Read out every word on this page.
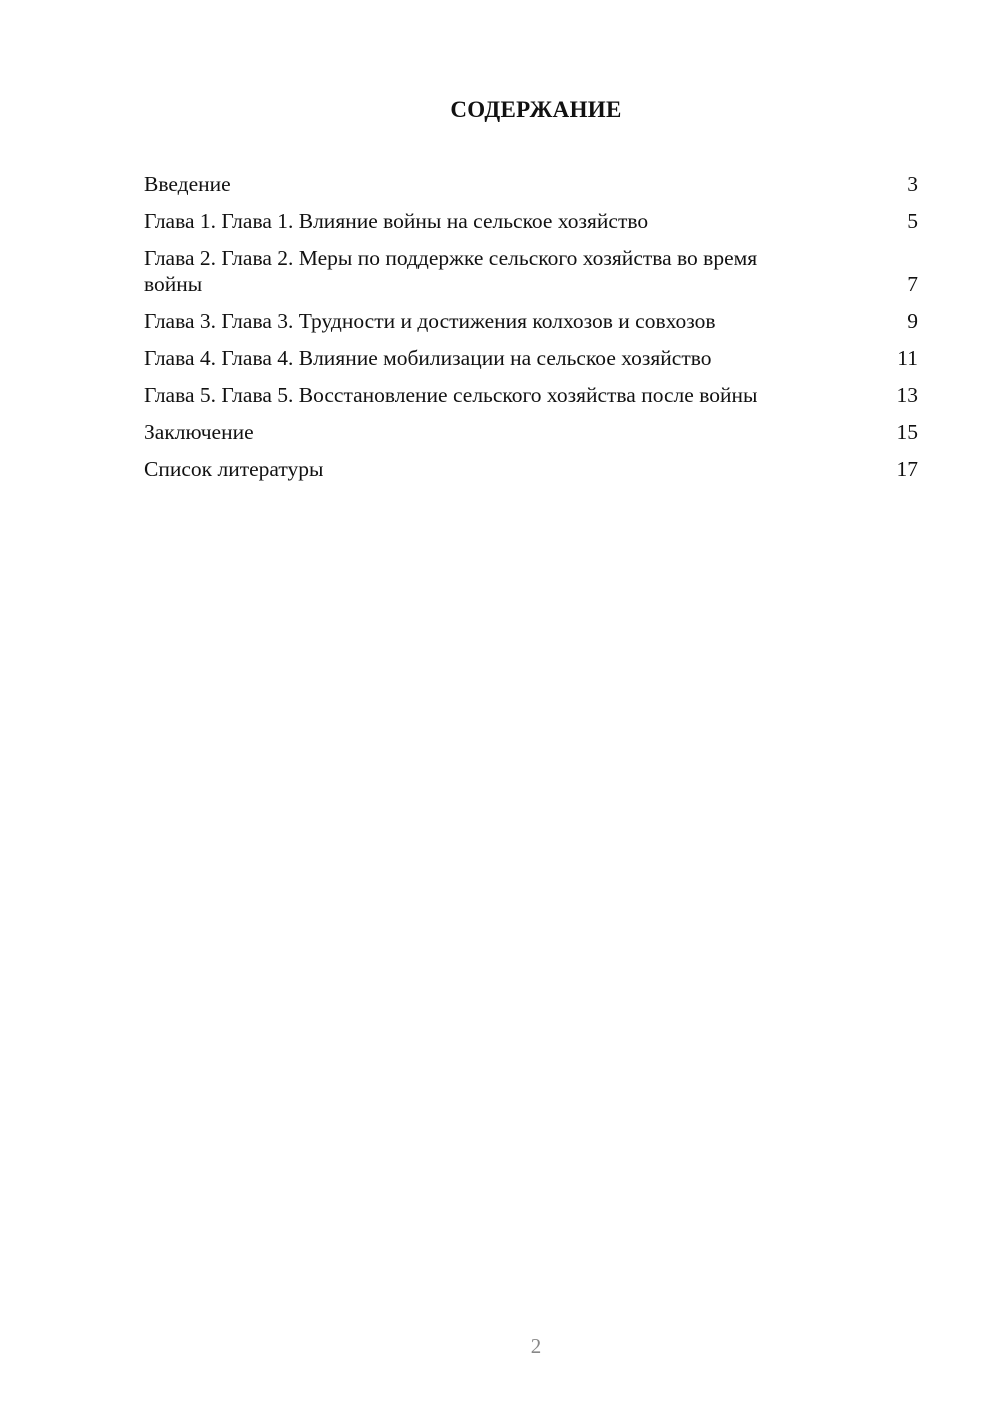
СОДЕРЖАНИЕ
Введение	3
Глава 1. Глава 1. Влияние войны на сельское хозяйство	5
Глава 2. Глава 2. Меры по поддержке сельского хозяйства во время войны	7
Глава 3. Глава 3. Трудности и достижения колхозов и совхозов	9
Глава 4. Глава 4. Влияние мобилизации на сельское хозяйство	11
Глава 5. Глава 5. Восстановление сельского хозяйства после войны	13
Заключение	15
Список литературы	17
2
